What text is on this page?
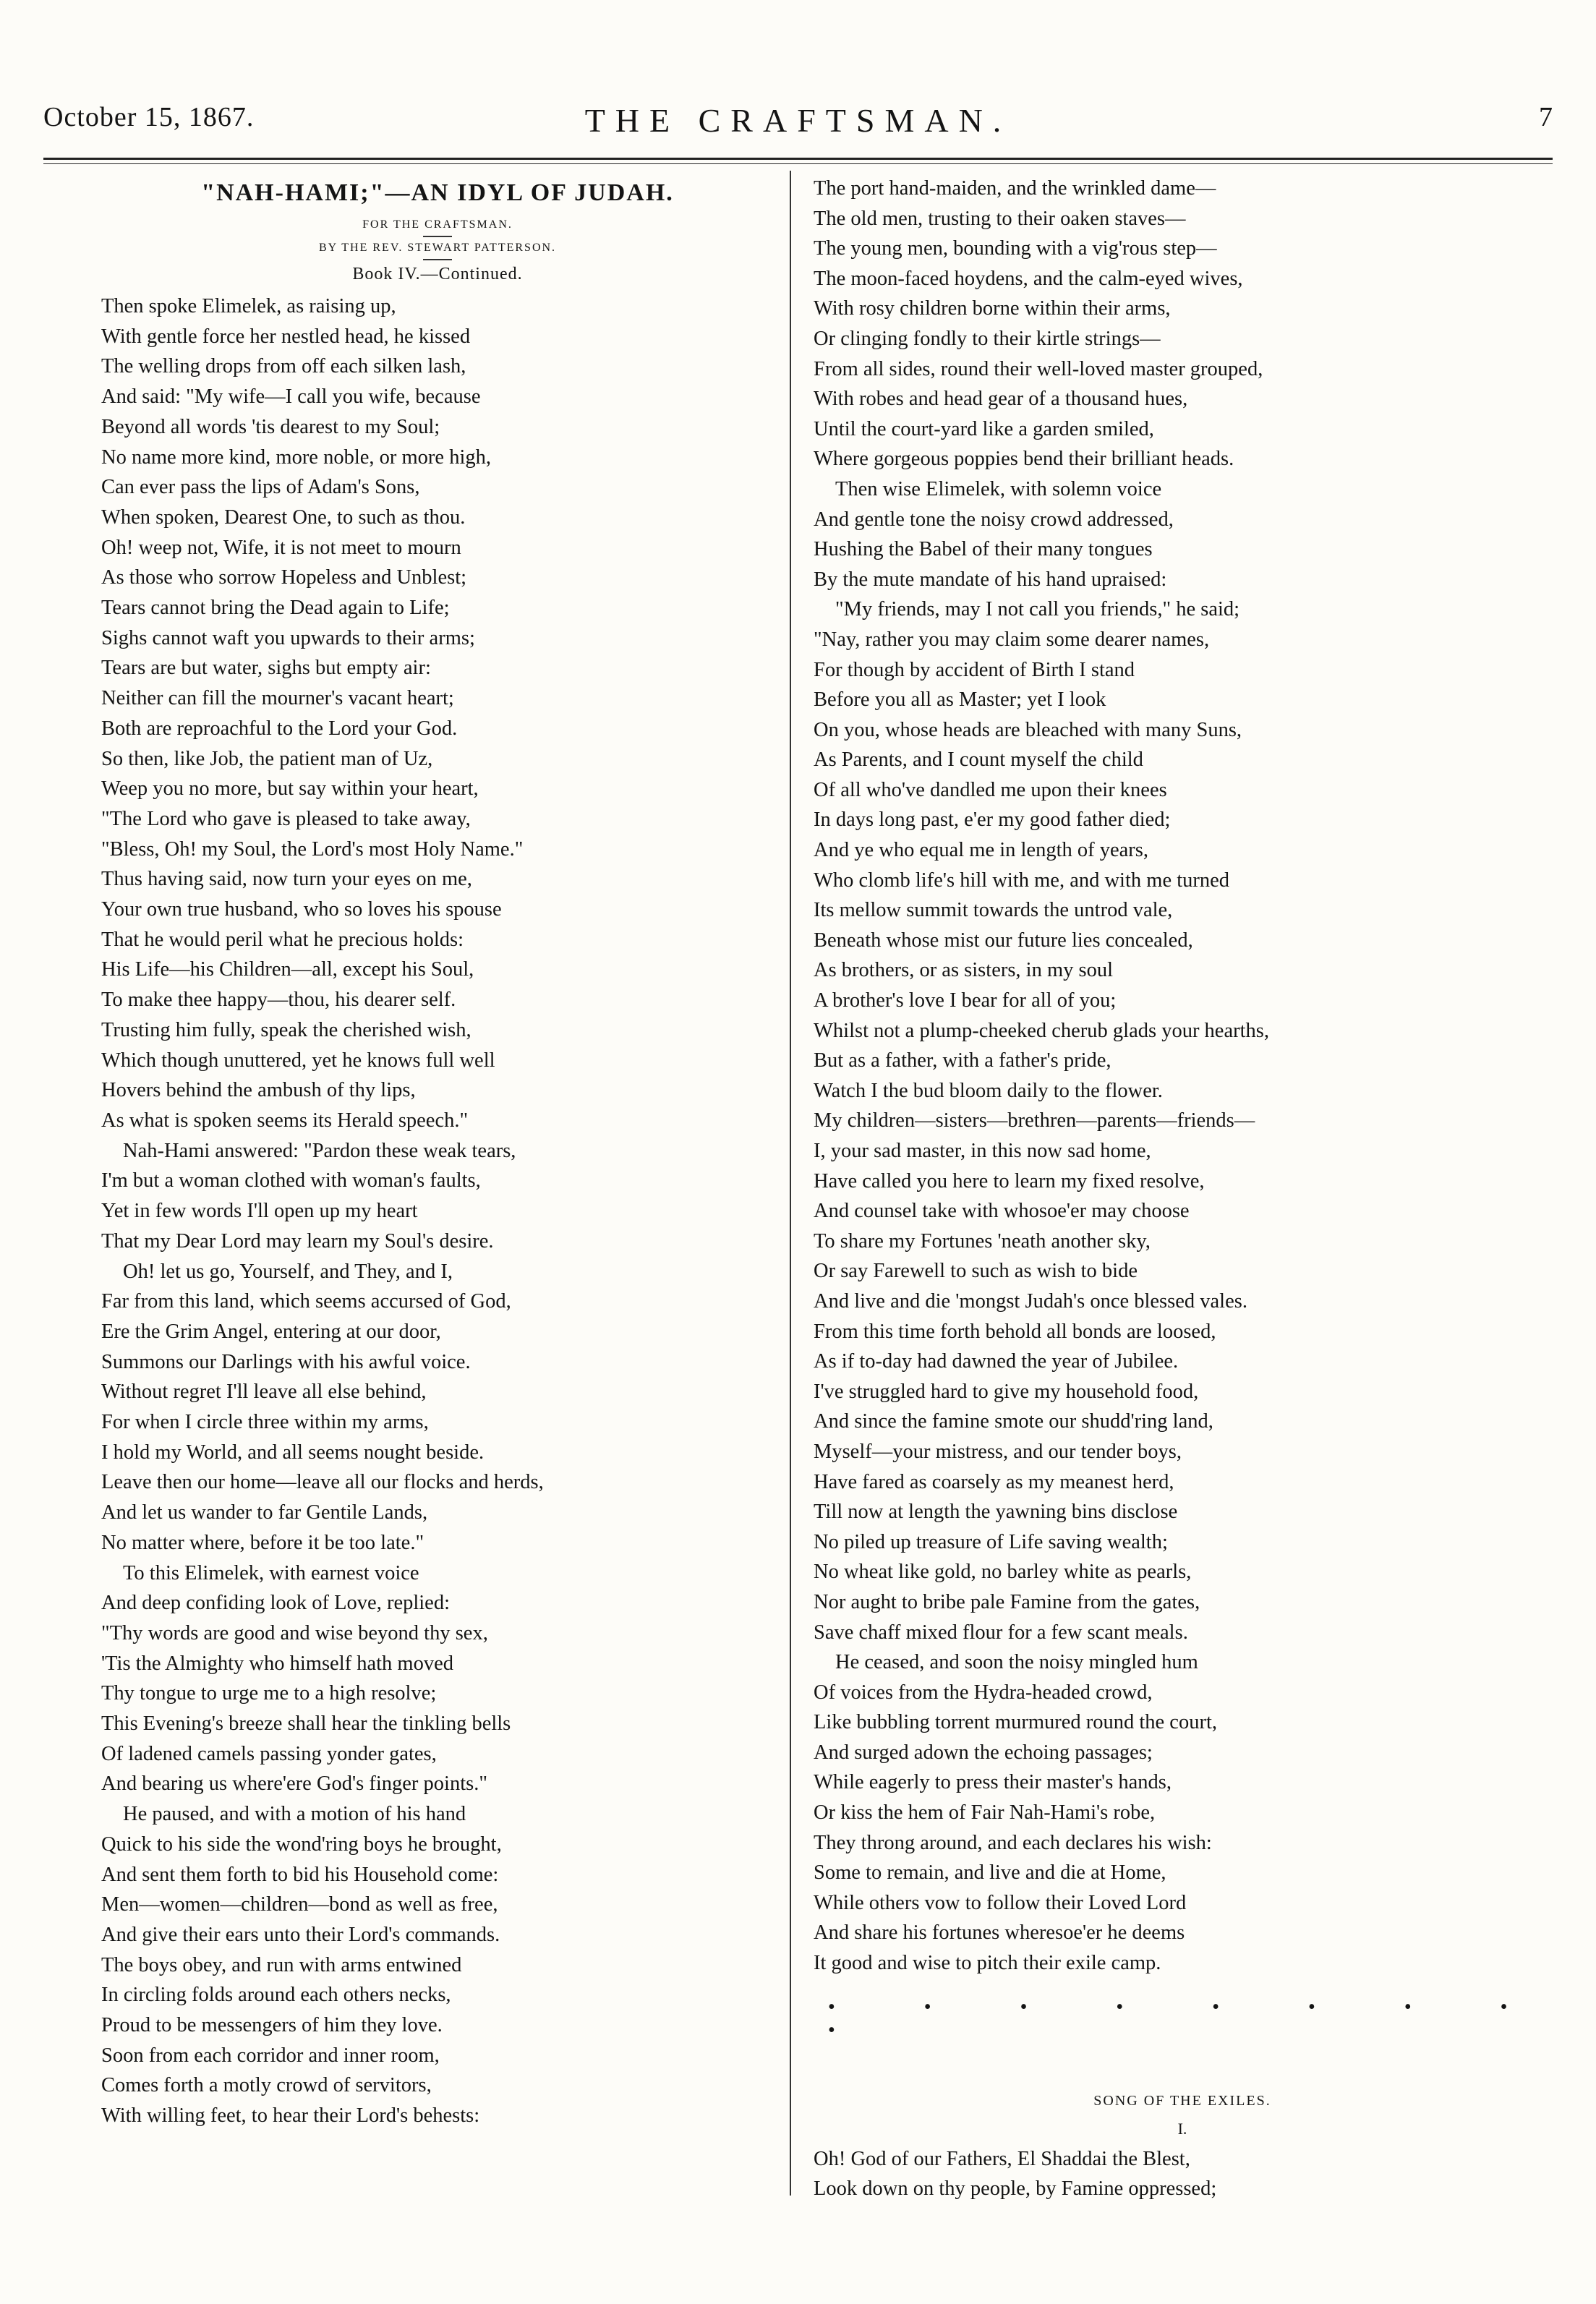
October 15, 1867.	THE CRAFTSMAN.	7
"NAH-HAMI;"—AN IDYL OF JUDAH.
FOR THE CRAFTSMAN.
BY THE REV. STEWART PATTERSON.
Book IV.—Continued.
Then spoke Elimelek, as raising up,
With gentle force her nestled head, he kissed
The welling drops from off each silken lash,
And said: "My wife—I call you wife, because
Beyond all words 'tis dearest to my Soul;
No name more kind, more noble, or more high,
Can ever pass the lips of Adam's Sons,
When spoken, Dearest One, to such as thou.
Oh! weep not, Wife, it is not meet to mourn
As those who sorrow Hopeless and Unblest;
Tears cannot bring the Dead again to Life;
Sighs cannot waft you upwards to their arms;
Tears are but water, sighs but empty air:
Neither can fill the mourner's vacant heart;
Both are reproachful to the Lord your God.
So then, like Job, the patient man of Uz,
Weep you no more, but say within your heart,
"The Lord who gave is pleased to take away,
"Bless, Oh! my Soul, the Lord's most Holy Name."
Thus having said, now turn your eyes on me,
Your own true husband, who so loves his spouse
That he would peril what he precious holds:
His Life—his Children—all, except his Soul,
To make thee happy—thou, his dearer self.
Trusting him fully, speak the cherished wish,
Which though unuttered, yet he knows full well
Hovers behind the ambush of thy lips,
As what is spoken seems its Herald speech."
Nah-Hami answered: "Pardon these weak tears,
I'm but a woman clothed with woman's faults,
Yet in few words I'll open up my heart
That my Dear Lord may learn my Soul's desire.
Oh! let us go, Yourself, and They, and I,
Far from this land, which seems accursed of God,
Ere the Grim Angel, entering at our door,
Summons our Darlings with his awful voice.
Without regret I'll leave all else behind,
For when I circle three within my arms,
I hold my World, and all seems nought beside.
Leave then our home—leave all our flocks and herds,
And let us wander to far Gentile Lands,
No matter where, before it be too late."
To this Elimelek, with earnest voice
And deep confiding look of Love, replied:
"Thy words are good and wise beyond thy sex,
'Tis the Almighty who himself hath moved
Thy tongue to urge me to a high resolve;
This Evening's breeze shall hear the tinkling bells
Of ladened camels passing yonder gates,
And bearing us where'ere God's finger points."
He paused, and with a motion of his hand
Quick to his side the wond'ring boys he brought,
And sent them forth to bid his Household come:
Men—women—children—bond as well as free,
And give their ears unto their Lord's commands.
The boys obey, and run with arms entwined
In circling folds around each others necks,
Proud to be messengers of him they love.
Soon from each corridor and inner room,
Comes forth a motly crowd of servitors,
With willing feet, to hear their Lord's behests:
The port hand-maiden, and the wrinkled dame—
The old men, trusting to their oaken staves—
The young men, bounding with a vig'rous step—
The moon-faced hoydens, and the calm-eyed wives,
With rosy children borne within their arms,
Or clinging fondly to their kirtle strings—
From all sides, round their well-loved master grouped,
With robes and head gear of a thousand hues,
Until the court-yard like a garden smiled,
Where gorgeous poppies bend their brilliant heads.
Then wise Elimelek, with solemn voice
And gentle tone the noisy crowd addressed,
Hushing the Babel of their many tongues
By the mute mandate of his hand upraised:
"My friends, may I not call you friends," he said;
"Nay, rather you may claim some dearer names,
For though by accident of Birth I stand
Before you all as Master; yet I look
On you, whose heads are bleached with many Suns,
As Parents, and I count myself the child
Of all who've dandled me upon their knees
In days long past, e'er my good father died;
And ye who equal me in length of years,
Who clomb life's hill with me, and with me turned
Its mellow summit towards the untrod vale,
Beneath whose mist our future lies concealed,
As brothers, or as sisters, in my soul
A brother's love I bear for all of you;
Whilst not a plump-cheeked cherub glads your hearths,
But as a father, with a father's pride,
Watch I the bud bloom daily to the flower.
My children—sisters—brethren—parents—friends—
I, your sad master, in this now sad home,
Have called you here to learn my fixed resolve,
And counsel take with whosoe'er may choose
To share my Fortunes 'neath another sky,
Or say Farewell to such as wish to bide
And live and die 'mongst Judah's once blessed vales.
From this time forth behold all bonds are loosed,
As if to-day had dawned the year of Jubilee.
I've struggled hard to give my household food,
And since the famine smote our shudd'ring land,
Myself—your mistress, and our tender boys,
Have fared as coarsely as my meanest herd,
Till now at length the yawning bins disclose
No piled up treasure of Life saving wealth;
No wheat like gold, no barley white as pearls,
Nor aught to bribe pale Famine from the gates,
Save chaff mixed flour for a few scant meals.
He ceased, and soon the noisy mingled hum
Of voices from the Hydra-headed crowd,
Like bubbling torrent murmured round the court,
And surged adown the echoing passages;
While eagerly to press their master's hands,
Or kiss the hem of Fair Nah-Hami's robe,
They throng around, and each declares his wish:
Some to remain, and live and die at Home,
While others vow to follow their Loved Lord
And share his fortunes wheresoe'er he deems
It good and wise to pitch their exile camp.
• • • • • • • • •
SONG OF THE EXILES.
I.
Oh! God of our Fathers, El Shaddai the Blest,
Look down on thy people, by Famine oppressed;
